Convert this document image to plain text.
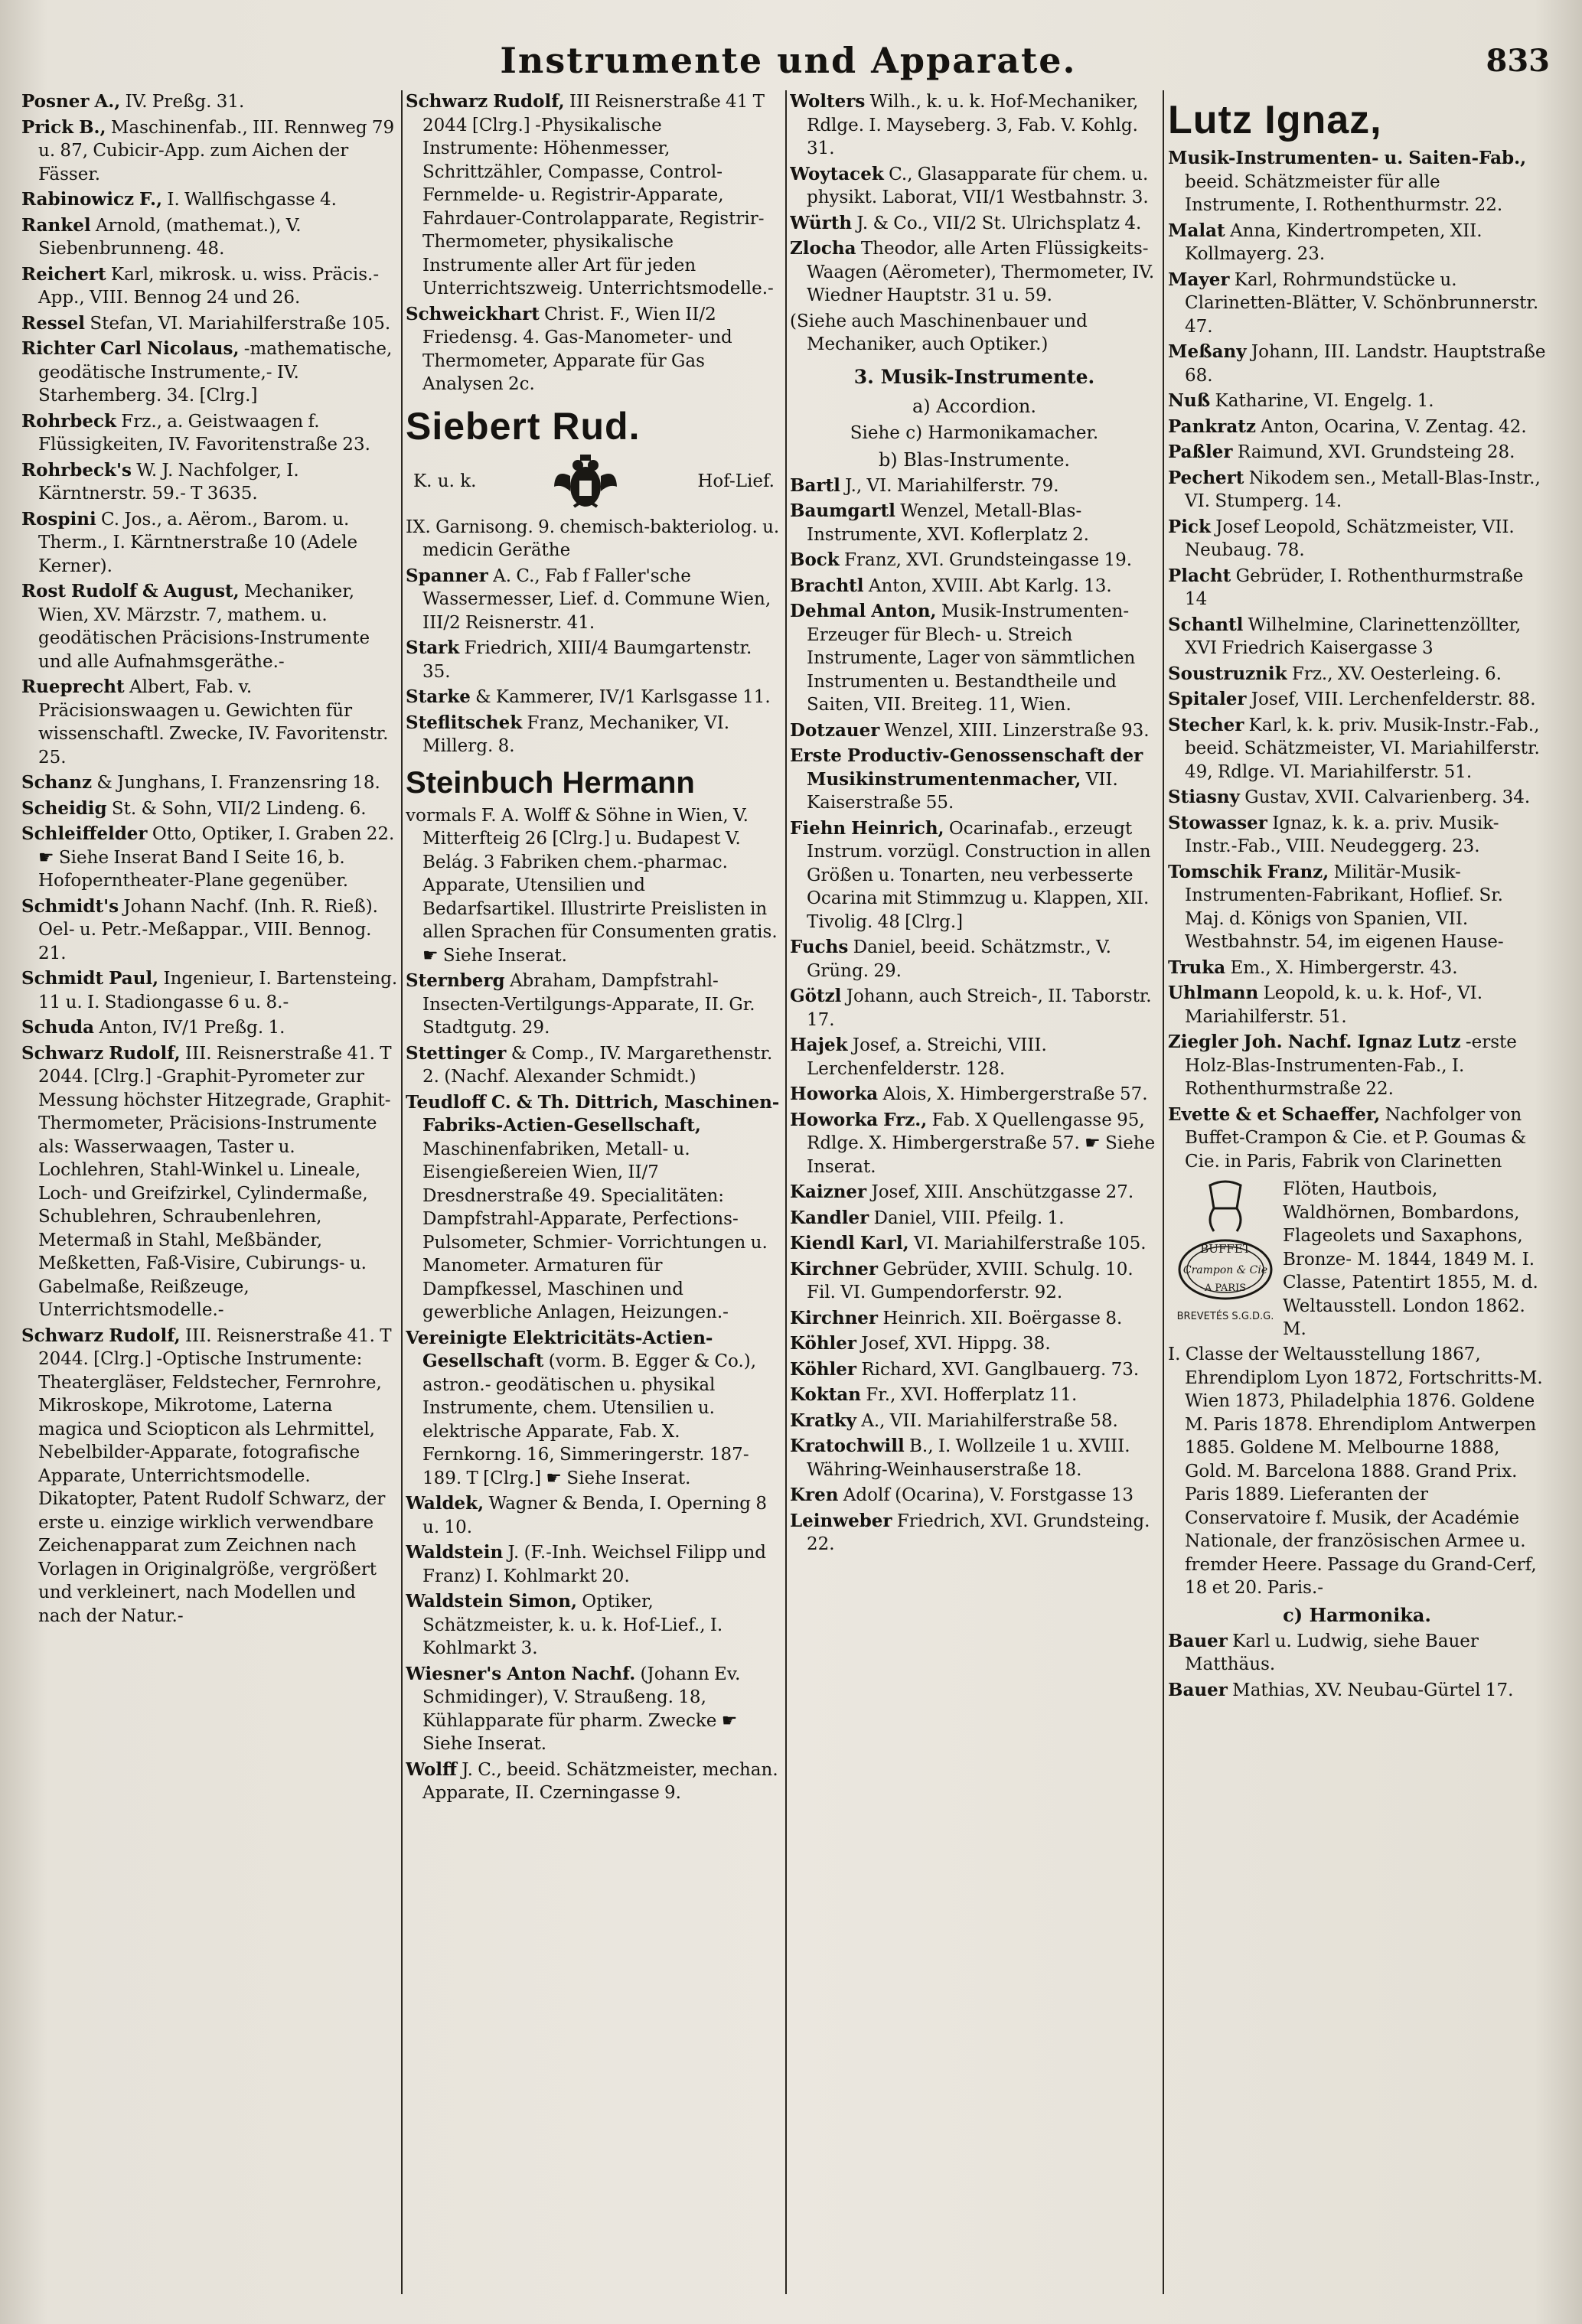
Instrumente und Apparate.	833

Posner A., IV. Preßg. 31.

Prick B., Maschinenfab., III. Rennweg 79 u. 87, Cubicir-App. zum Aichen der Fässer.

Rabinowicz F., I. Wallfischgasse 4.

Rankel Arnold, (mathemat.), V. Siebenbrunneng. 48.

Reichert Karl, mikrosk. u. wiss. Präcis.-App., VIII. Bennog 24 und 26.

Ressel Stefan, VI. Mariahilferstraße 105.

Richter Carl Nicolaus, -mathematische, geodätische Instrumente,- IV. Starhemberg. 34. [Clrg.]

Rohrbeck Frz., a. Geistwaagen f. Flüssigkeiten, IV. Favoritenstraße 23.

Rohrbeck's W. J. Nachfolger, I. Kärntnerstr. 59.- T 3635.

Rospini C. Jos., a. Aërom., Barom. u. Therm., I. Kärntnerstraße 10 (Adele Kerner).

Rost Rudolf & August, Mechaniker, Wien, XV. Märzstr. 7, mathem. u. geodätischen Präcisions-Instrumente und alle Aufnahmsgeräthe.-

Rueprecht Albert, Fab. v. Präcisionswaagen u. Gewichten für wissenschaftl. Zwecke, IV. Favoritenstr. 25.

Schanz & Junghans, I. Franzensring 18.

Scheidig St. & Sohn, VII/2 Lindeng. 6.

Schleiffelder Otto, Optiker, I. Graben 22. ☛ Siehe Inserat Band I Seite 16, b. Hofoperntheater-Plane gegenüber.

Schmidt's Johann Nachf. (Inh. R. Rieß). Oel- u. Petr.-Meßappar., VIII. Bennog. 21.

Schmidt Paul, Ingenieur, I. Bartensteing. 11 u. I. Stadiongasse 6 u. 8.-

Schuda Anton, IV/1 Preßg. 1.

Schwarz Rudolf, III. Reisnerstraße 41. T 2044. [Clrg.] -Graphit-Pyrometer zur Messung höchster Hitzegrade, Graphit-Thermometer, Präcisions-Instrumente als: Wasserwaagen, Taster u. Lochlehren, Stahl-Winkel u. Lineale, Loch- und Greifzirkel, Cylindermaße, Schublehren, Schraubenlehren, Metermaß in Stahl, Meßbänder, Meßketten, Faß-Visire, Cubirungs- u. Gabelmaße, Reißzeuge, Unterrichtsmodelle.-

Schwarz Rudolf, III. Reisnerstraße 41. T 2044. [Clrg.] -Optische Instrumente: Theatergläser, Feldstecher, Fernrohre, Mikroskope, Mikrotome, Laterna magica und Sciopticon als Lehrmittel, Nebelbilder-Apparate, fotografische Apparate, Unterrichtsmodelle. Dikatopter, Patent Rudolf Schwarz, der erste u. einzige wirklich verwendbare Zeichenapparat zum Zeichnen nach Vorlagen in Originalgröße, vergrößert und verkleinert, nach Modellen und nach der Natur.-

Schwarz Rudolf, III Reisnerstraße 41 T 2044 [Clrg.] -Physikalische Instrumente: Höhenmesser, Schrittzähler, Compasse, Control-Fernmelde- u. Registrir-Apparate, Fahrdauer-Controlapparate, Registrir-Thermometer, physikalische Instrumente aller Art für jeden Unterrichtszweig. Unterrichtsmodelle.-

Schweickhart Christ. F., Wien II/2 Friedensg. 4. Gas-Manometer- und Thermometer, Apparate für Gas Analysen 2c.

Siebert Rud.
K. u. k.	Hof-Lief.

IX. Garnisong. 9. chemisch-bakteriolog. u. medicin Geräthe

Spanner A. C., Fab f Faller'sche Wassermesser, Lief. d. Commune Wien, III/2 Reisnerstr. 41.

Stark Friedrich, XIII/4 Baumgartenstr. 35.

Starke & Kammerer, IV/1 Karlsgasse 11.

Steflitschek Franz, Mechaniker, VI. Millerg. 8.

Steinbuch Hermann

vormals F. A. Wolff & Söhne in Wien, V. Mitterfteig 26 [Clrg.] u. Budapest V. Belág. 3 Fabriken chem.-pharmac. Apparate, Utensilien und Bedarfsartikel. Illustrirte Preislisten in allen Sprachen für Consumenten gratis. ☛ Siehe Inserat.

Sternberg Abraham, Dampfstrahl- Insecten-Vertilgungs-Apparate, II. Gr. Stadtgutg. 29.

Stettinger & Comp., IV. Margarethenstr. 2. (Nachf. Alexander Schmidt.)

Teudloff C. & Th. Dittrich, Maschinen-Fabriks-Actien-Gesellschaft, Maschinenfabriken, Metall- u. Eisengießereien Wien, II/7 Dresdnerstraße 49. Specialitäten: Dampfstrahl-Apparate, Perfections-Pulsometer, Schmier- Vorrichtungen u. Manometer. Armaturen für Dampfkessel, Maschinen und gewerbliche Anlagen, Heizungen.-

Vereinigte Elektricitäts-Actien-Gesellschaft (vorm. B. Egger & Co.), astron.- geodätischen u. physikal Instrumente, chem. Utensilien u. elektrische Apparate, Fab. X. Fernkorng. 16, Simmeringerstr. 187-189. T [Clrg.] ☛ Siehe Inserat.

Waldek, Wagner & Benda, I. Operning 8 u. 10.

Waldstein J. (F.-Inh. Weichsel Filipp und Franz) I. Kohlmarkt 20.

Waldstein Simon, Optiker, Schätzmeister, k. u. k. Hof-Lief., I. Kohlmarkt 3.

Wiesner's Anton Nachf. (Johann Ev. Schmidinger), V. Straußeng. 18, Kühlapparate für pharm. Zwecke ☛ Siehe Inserat.

Wolff J. C., beeid. Schätzmeister, mechan. Apparate, II. Czerningasse 9.

Wolters Wilh., k. u. k. Hof-Mechaniker, Rdlge. I. Mayseberg. 3, Fab. V. Kohlg. 31.

Woytacek C., Glasapparate für chem. u. physikt. Laborat, VII/1 Westbahnstr. 3.

Würth J. & Co., VII/2 St. Ulrichsplatz 4.

Zlocha Theodor, alle Arten Flüssigkeits- Waagen (Aërometer), Thermometer, IV. Wiedner Hauptstr. 31 u. 59.

(Siehe auch Maschinenbauer und Mechaniker, auch Optiker.)

3. Musik-Instrumente.
a) Accordion.
Siehe c) Harmonikamacher.
b) Blas-Instrumente.

Bartl J., VI. Mariahilferstr. 79.

Baumgartl Wenzel, Metall-Blas-Instrumente, XVI. Koflerplatz 2.

Bock Franz, XVI. Grundsteingasse 19.

Brachtl Anton, XVIII. Abt Karlg. 13.

Dehmal Anton, Musik-Instrumenten-Erzeuger für Blech- u. Streich Instrumente, Lager von sämmtlichen Instrumenten u. Bestandtheile und Saiten, VII. Breiteg. 11, Wien.

Dotzauer Wenzel, XIII. Linzerstraße 93.

Erste Productiv-Genossenschaft der Musikinstrumentenmacher, VII. Kaiserstraße 55.

Fiehn Heinrich, Ocarinafab., erzeugt Instrum. vorzügl. Construction in allen Größen u. Tonarten, neu verbesserte Ocarina mit Stimmzug u. Klappen, XII. Tivolig. 48 [Clrg.]

Fuchs Daniel, beeid. Schätzmstr., V. Grüng. 29.

Götzl Johann, auch Streich-, II. Taborstr. 17.

Hajek Josef, a. Streichi, VIII. Lerchenfelderstr. 128.

Howorka Alois, X. Himbergerstraße 57.

Howorka Frz., Fab. X Quellengasse 95, Rdlge. X. Himbergerstraße 57. ☛ Siehe Inserat.

Kaizner Josef, XIII. Anschützgasse 27.

Kandler Daniel, VIII. Pfeilg. 1.

Kiendl Karl, VI. Mariahilferstraße 105.

Kirchner Gebrüder, XVIII. Schulg. 10. Fil. VI. Gumpendorferstr. 92.

Kirchner Heinrich. XII. Boërgasse 8.

Köhler Josef, XVI. Hippg. 38.

Köhler Richard, XVI. Ganglbauerg. 73.

Koktan Fr., XVI. Hofferplatz 11.

Kratky A., VII. Mariahilferstraße 58.

Kratochwill B., I. Wollzeile 1 u. XVIII. Währing-Weinhauserstraße 18.

Kren Adolf (Ocarina), V. Forstgasse 13

Leinweber Friedrich, XVI. Grundsteing. 22.

Lutz Ignaz,

Musik-Instrumenten- u. Saiten-Fab., beeid. Schätzmeister für alle Instrumente, I. Rothenthurmstr. 22.

Malat Anna, Kindertrompeten, XII. Kollmayerg. 23.

Mayer Karl, Rohrmundstücke u. Clarinetten-Blätter, V. Schönbrunnerstr. 47.

Meßany Johann, III. Landstr. Hauptstraße 68.

Nuß Katharine, VI. Engelg. 1.

Pankratz Anton, Ocarina, V. Zentag. 42.

Paßler Raimund, XVI. Grundsteing 28.

Pechert Nikodem sen., Metall-Blas-Instr., VI. Stumperg. 14.

Pick Josef Leopold, Schätzmeister, VII. Neubaug. 78.

Placht Gebrüder, I. Rothenthurmstraße 14

Schantl Wilhelmine, Clarinettenzöllter, XVI Friedrich Kaisergasse 3

Soustruznik Frz., XV. Oesterleing. 6.

Spitaler Josef, VIII. Lerchenfelderstr. 88.

Stecher Karl, k. k. priv. Musik-Instr.-Fab., beeid. Schätzmeister, VI. Mariahilferstr. 49, Rdlge. VI. Mariahilferstr. 51.

Stiasny Gustav, XVII. Calvarienberg. 34.

Stowasser Ignaz, k. k. a. priv. Musik-Instr.-Fab., VIII. Neudeggerg. 23.

Tomschik Franz, Militär-Musik-Instrumenten-Fabrikant, Hoflief. Sr. Maj. d. Königs von Spanien, VII. Westbahnstr. 54, im eigenen Hause-

Truka Em., X. Himbergerstr. 43.

Uhlmann Leopold, k. u. k. Hof-, VI. Mariahilferstr. 51.

Ziegler Joh. Nachf. Ignaz Lutz -erste Holz-Blas-Instrumenten-Fab., I. Rothenthurmstraße 22.

Evette & et Schaeffer, Nachfolger von Buffet-Crampon & Cie. et P. Goumas & Cie. in Paris, Fabrik von Clarinetten

BUFFET
Crampon & Cie
A PARIS
BREVETÉS S.G.D.G.
Flöten, Hautbois, Waldhörnen, Bombardons, Flageolets und Saxaphons, Bronze- M. 1844, 1849 M. I. Classe, Patentirt 1855, M. d. Weltausstell. London 1862. M.

I. Classe der Weltausstellung 1867, Ehrendiplom Lyon 1872, Fortschritts-M. Wien 1873, Philadelphia 1876. Goldene M. Paris 1878. Ehrendiplom Antwerpen 1885. Goldene M. Melbourne 1888, Gold. M. Barcelona 1888. Grand Prix. Paris 1889. Lieferanten der Conservatoire f. Musik, der Académie Nationale, der französischen Armee u. fremder Heere. Passage du Grand-Cerf, 18 et 20. Paris.-

c) Harmonika.

Bauer Karl u. Ludwig, siehe Bauer Matthäus.

Bauer Mathias, XV. Neubau-Gürtel 17.
